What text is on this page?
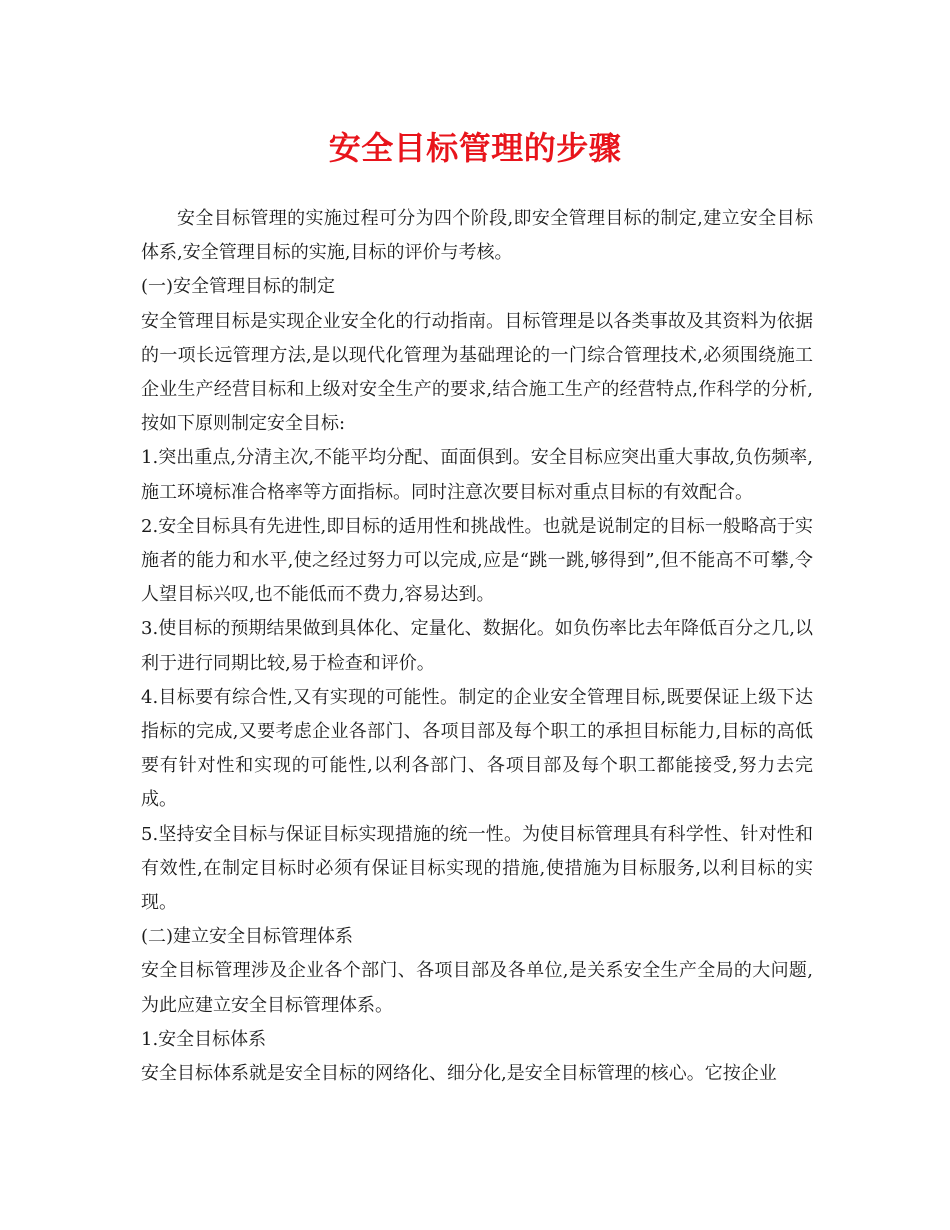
安全目标管理的步骤

安全目标管理的实施过程可分为四个阶段,即安全管理目标的制定,建立安全目标体系,安全管理目标的实施,目标的评价与考核。

(一)安全管理目标的制定

安全管理目标是实现企业安全化的行动指南。目标管理是以各类事故及其资料为依据的一项长远管理方法,是以现代化管理为基础理论的一门综合管理技术,必须围绕施工企业生产经营目标和上级对安全生产的要求,结合施工生产的经营特点,作科学的分析,按如下原则制定安全目标:

1.突出重点,分清主次,不能平均分配、面面俱到。安全目标应突出重大事故,负伤频率,施工环境标准合格率等方面指标。同时注意次要目标对重点目标的有效配合。

2.安全目标具有先进性,即目标的适用性和挑战性。也就是说制定的目标一般略高于实施者的能力和水平,使之经过努力可以完成,应是“跳一跳,够得到”,但不能高不可攀,令人望目标兴叹,也不能低而不费力,容易达到。

3.使目标的预期结果做到具体化、定量化、数据化。如负伤率比去年降低百分之几,以利于进行同期比较,易于检查和评价。

4.目标要有综合性,又有实现的可能性。制定的企业安全管理目标,既要保证上级下达指标的完成,又要考虑企业各部门、各项目部及每个职工的承担目标能力,目标的高低要有针对性和实现的可能性,以利各部门、各项目部及每个职工都能接受,努力去完成。

5.坚持安全目标与保证目标实现措施的统一性。为使目标管理具有科学性、针对性和有效性,在制定目标时必须有保证目标实现的措施,使措施为目标服务,以利目标的实现。

(二)建立安全目标管理体系

安全目标管理涉及企业各个部门、各项目部及各单位,是关系安全生产全局的大问题, 为此应建立安全目标管理体系。

1.安全目标体系

安全目标体系就是安全目标的网络化、细分化,是安全目标管理的核心。它按企业
